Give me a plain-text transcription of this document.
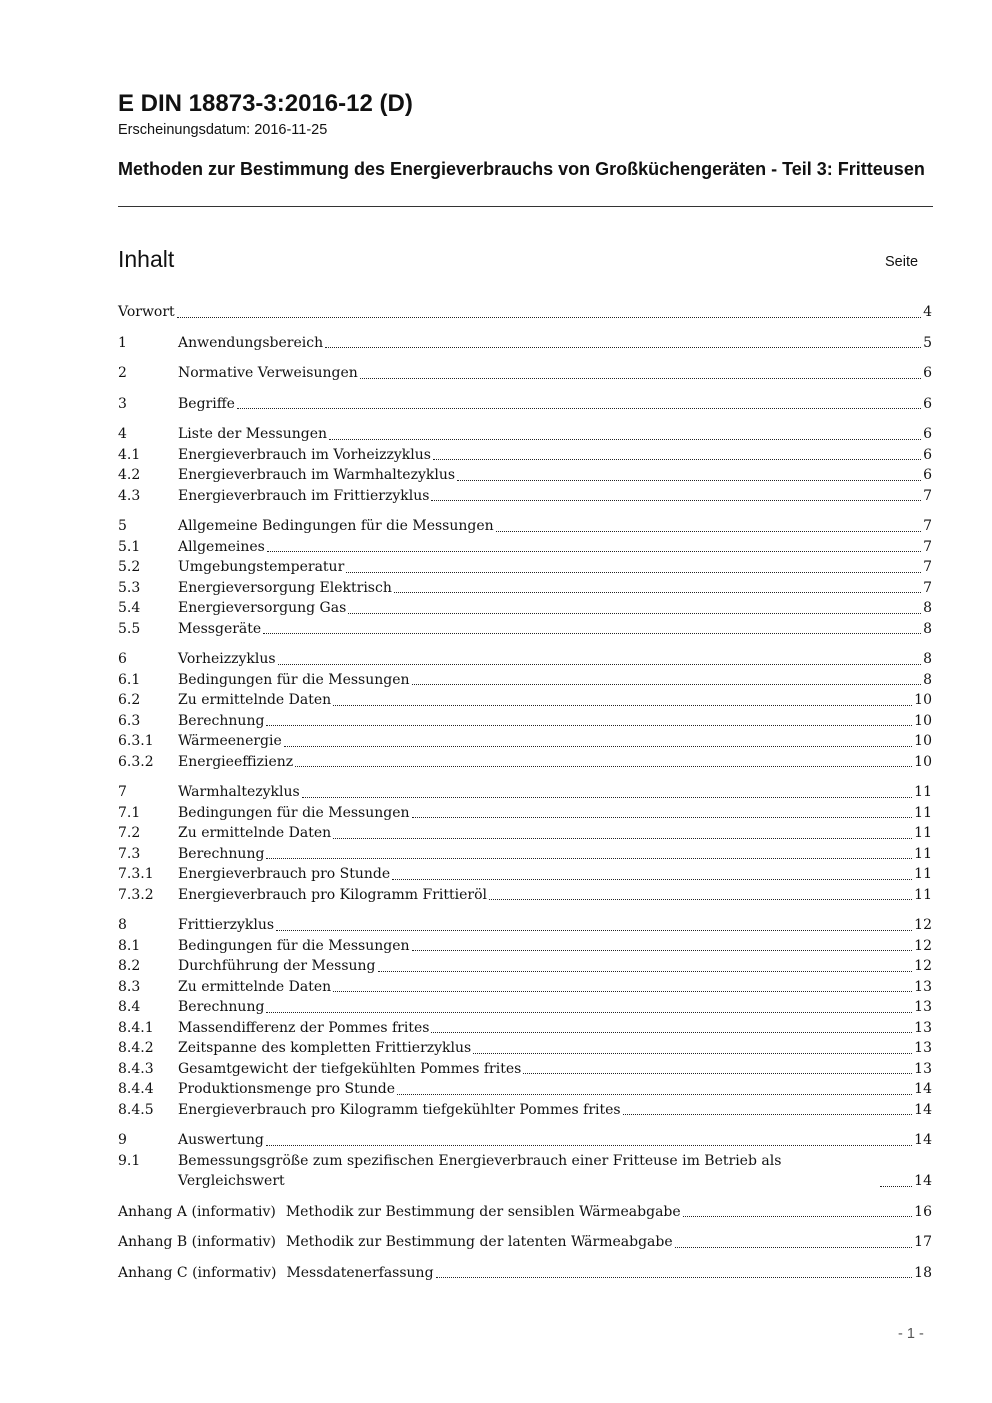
E DIN 18873-3:2016-12 (D)
Erscheinungsdatum: 2016-11-25
Methoden zur Bestimmung des Energieverbrauchs von Großküchengeräten - Teil 3: Fritteusen
Inhalt	Seite
Vorwort	4
1	Anwendungsbereich	5
2	Normative Verweisungen	6
3	Begriffe	6
4	Liste der Messungen	6
4.1	Energieverbrauch im Vorheizzyklus	6
4.2	Energieverbrauch im Warmhaltezyklus	6
4.3	Energieverbrauch im Frittierzyklus	7
5	Allgemeine Bedingungen für die Messungen	7
5.1	Allgemeines	7
5.2	Umgebungstemperatur	7
5.3	Energieversorgung Elektrisch	7
5.4	Energieversorgung Gas	8
5.5	Messgeräte	8
6	Vorheizzyklus	8
6.1	Bedingungen für die Messungen	8
6.2	Zu ermittelnde Daten	10
6.3	Berechnung	10
6.3.1	Wärmeenergie	10
6.3.2	Energieeffizienz	10
7	Warmhaltezyklus	11
7.1	Bedingungen für die Messungen	11
7.2	Zu ermittelnde Daten	11
7.3	Berechnung	11
7.3.1	Energieverbrauch pro Stunde	11
7.3.2	Energieverbrauch pro Kilogramm Frittieröl	11
8	Frittierzyklus	12
8.1	Bedingungen für die Messungen	12
8.2	Durchführung der Messung	12
8.3	Zu ermittelnde Daten	13
8.4	Berechnung	13
8.4.1	Massendifferenz der Pommes frites	13
8.4.2	Zeitspanne des kompletten Frittierzyklus	13
8.4.3	Gesamtgewicht der tiefgekühlten Pommes frites	13
8.4.4	Produktionsmenge pro Stunde	14
8.4.5	Energieverbrauch pro Kilogramm tiefgekühlter Pommes frites	14
9	Auswertung	14
9.1	Bemessungsgröße zum spezifischen Energieverbrauch einer Fritteuse im Betrieb als Vergleichswert	14
Anhang A (informativ) Methodik zur Bestimmung der sensiblen Wärmeabgabe	16
Anhang B (informativ) Methodik zur Bestimmung der latenten Wärmeabgabe	17
Anhang C (informativ) Messdatenerfassung	18
- 1 -
